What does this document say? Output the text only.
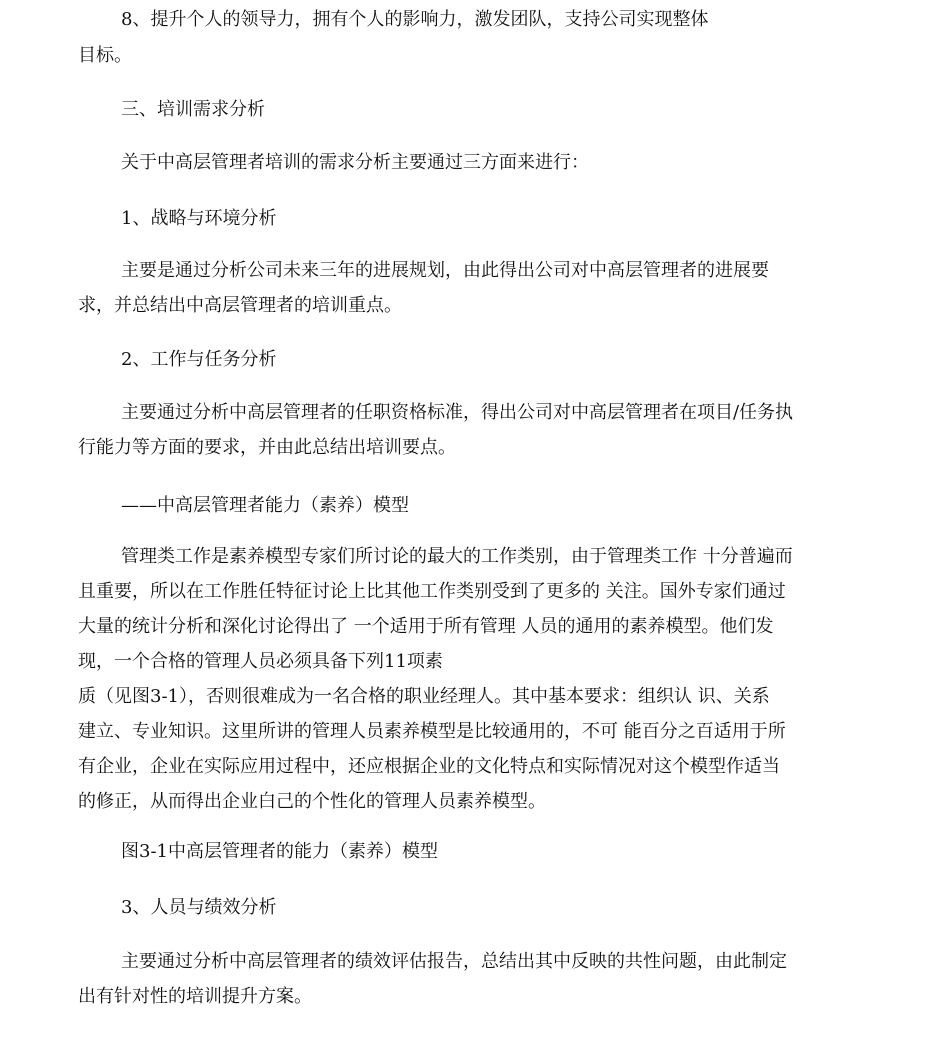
8、提升个人的领导力，拥有个人的影响力，激发团队，支持公司实现整体
目标。
三、培训需求分析
关于中高层管理者培训的需求分析主要通过三方面来进行：
1、战略与环境分析
主要是通过分析公司未来三年的进展规划，由此得出公司对中高层管理者的进展要
求，并总结出中高层管理者的培训重点。
2、工作与任务分析
主要通过分析中高层管理者的任职资格标准，得出公司对中高层管理者在项目/任务执
行能力等方面的要求，并由此总结出培训要点。
——中高层管理者能力（素养）模型
管理类工作是素养模型专家们所讨论的最大的工作类别，由于管理类工作 十分普遍而
且重要，所以在工作胜任特征讨论上比其他工作类别受到了更多的 关注。国外专家们通过
大量的统计分析和深化讨论得出了 一个适用于所有管理 人员的通用的素养模型。他们发
现，一个合格的管理人员必须具备下列11项素
质（见图3-1），否则很难成为一名合格的职业经理人。其中基本要求：组织认 识、关系
建立、专业知识。这里所讲的管理人员素养模型是比较通用的，不可 能百分之百适用于所
有企业，企业在实际应用过程中，还应根据企业的文化特点和实际情况对这个模型作适当
的修正，从而得出企业白己的个性化的管理人员素养模型。
图3-1中高层管理者的能力（素养）模型
3、人员与绩效分析
主要通过分析中高层管理者的绩效评估报告，总结出其中反映的共性问题，由此制定
出有针对性的培训提升方案。
